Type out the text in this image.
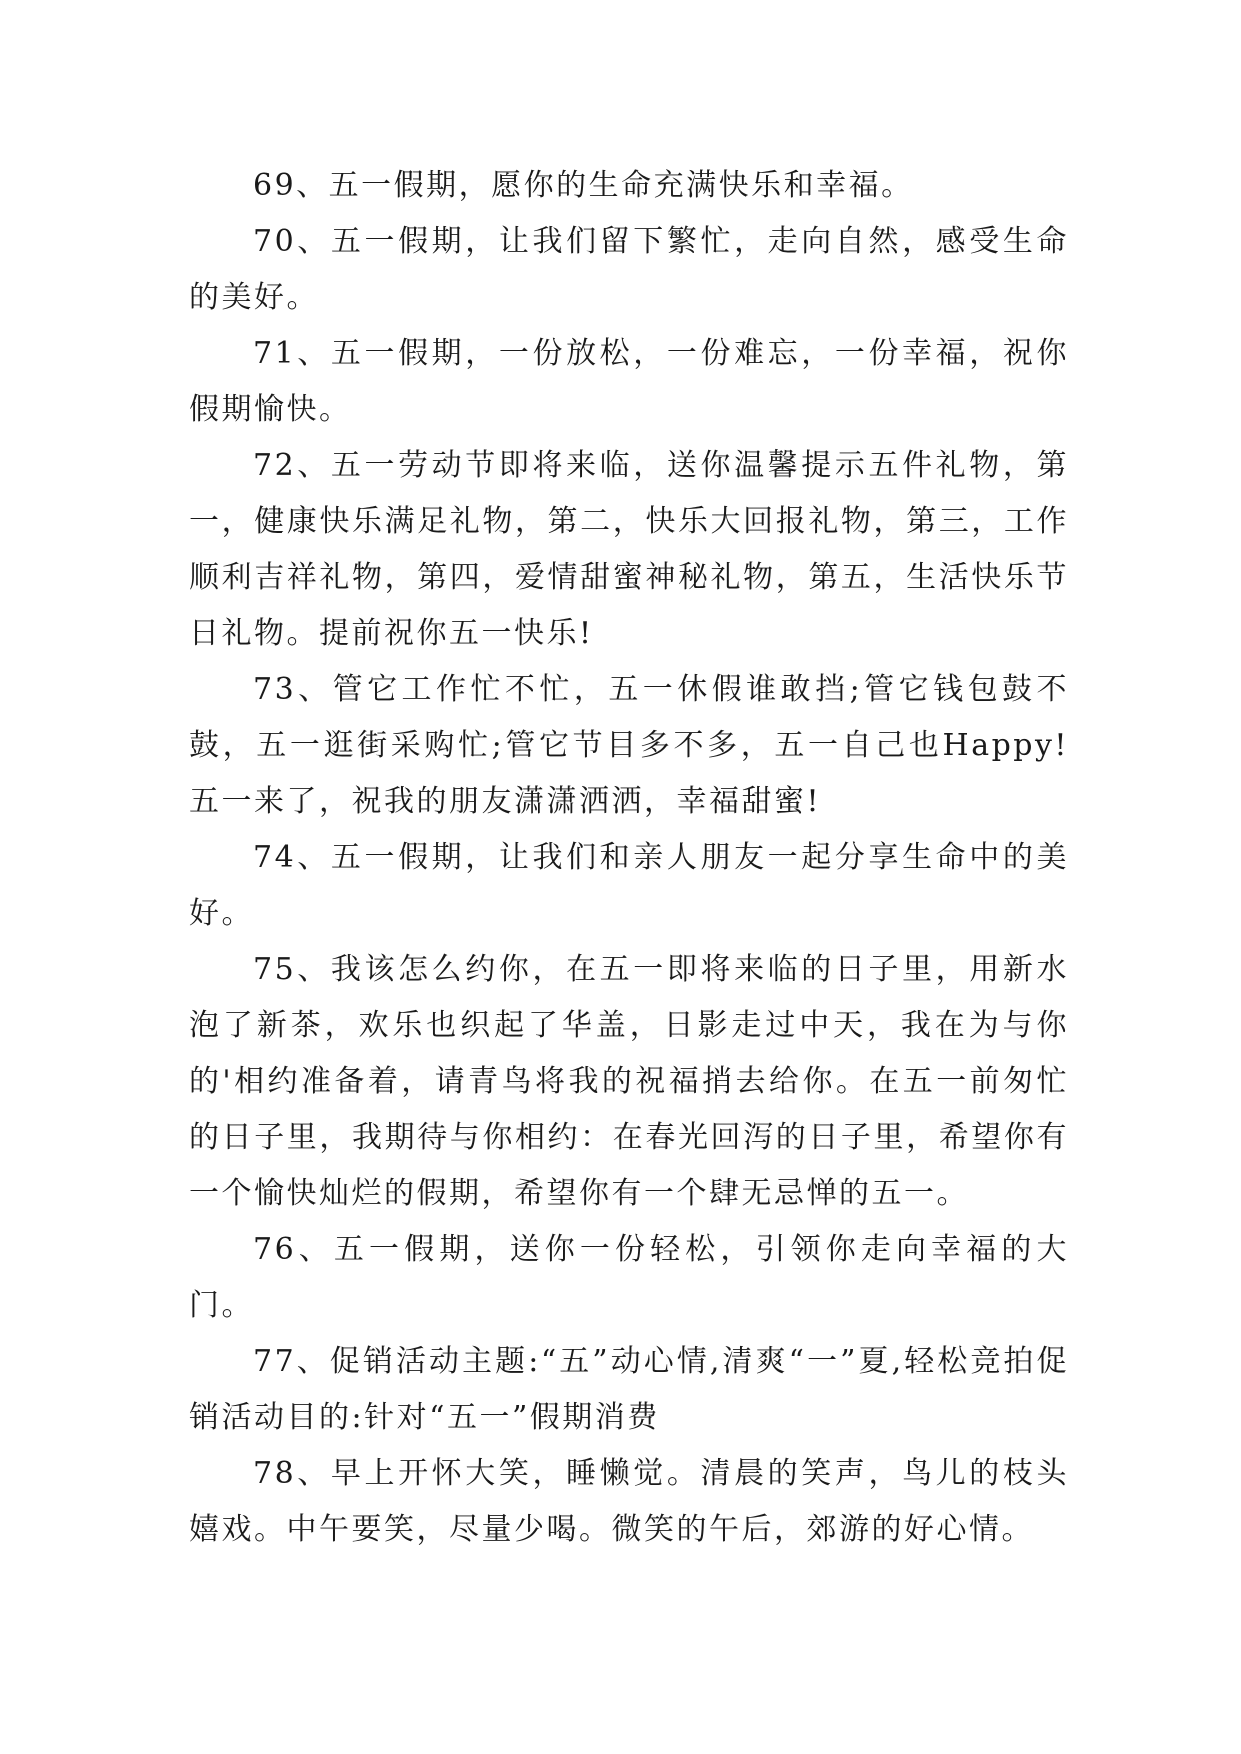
69、五一假期，愿你的生命充满快乐和幸福。

70、五一假期，让我们留下繁忙，走向自然，感受生命的美好。

71、五一假期，一份放松，一份难忘，一份幸福，祝你假期愉快。

72、五一劳动节即将来临，送你温馨提示五件礼物，第一，健康快乐满足礼物，第二，快乐大回报礼物，第三，工作顺利吉祥礼物，第四，爱情甜蜜神秘礼物，第五，生活快乐节日礼物。提前祝你五一快乐!

73、管它工作忙不忙，五一休假谁敢挡;管它钱包鼓不鼓，五一逛街采购忙;管它节目多不多，五一自己也Happy!五一来了，祝我的朋友潇潇洒洒，幸福甜蜜!

74、五一假期，让我们和亲人朋友一起分享生命中的美好。

75、我该怎么约你，在五一即将来临的日子里，用新水泡了新茶，欢乐也织起了华盖，日影走过中天，我在为与你的'相约准备着，请青鸟将我的祝福捎去给你。在五一前匆忙的日子里，我期待与你相约：在春光回泻的日子里，希望你有一个愉快灿烂的假期，希望你有一个肆无忌惮的五一。

76、五一假期，送你一份轻松，引领你走向幸福的大门。

77、促销活动主题:“五”动心情,清爽“一”夏,轻松竞拍促销活动目的:针对“五一”假期消费

78、早上开怀大笑，睡懒觉。清晨的笑声，鸟儿的枝头嬉戏。中午要笑，尽量少喝。微笑的午后，郊游的好心情。
